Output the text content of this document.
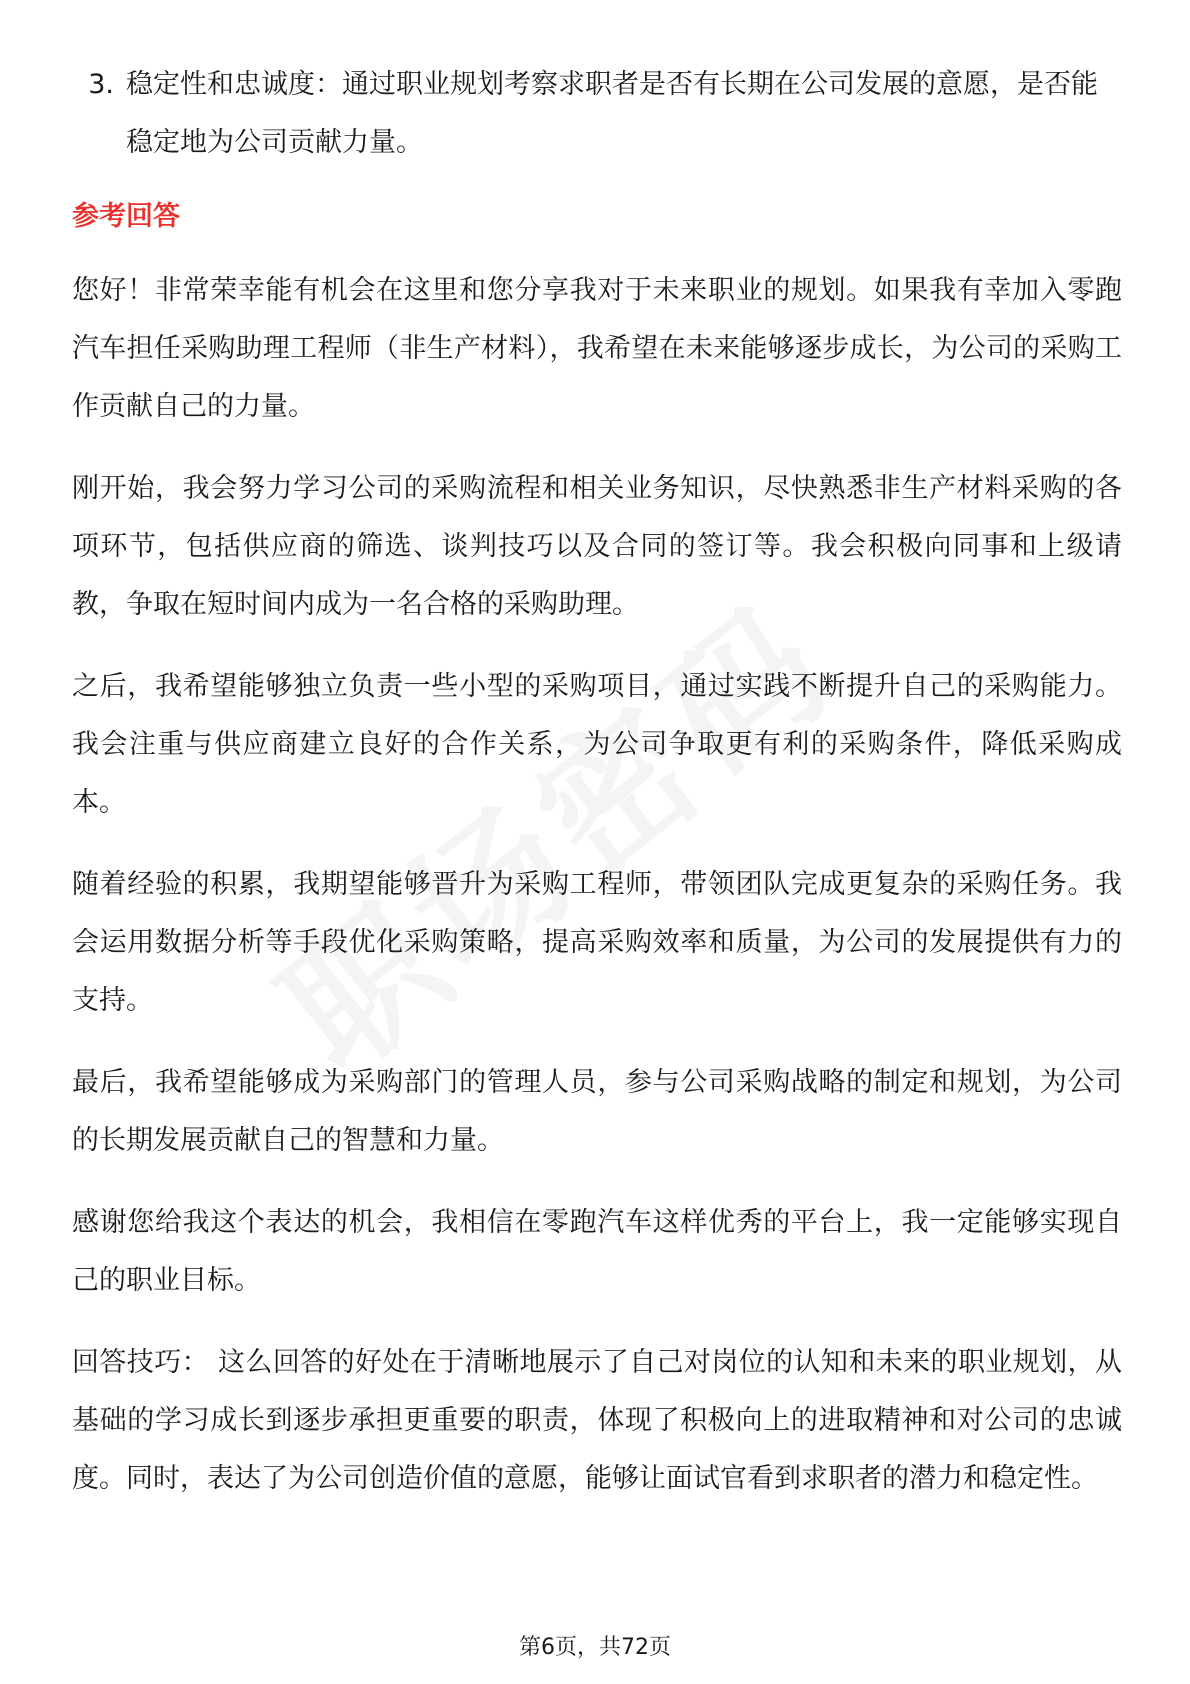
3. 稳定性和忠诚度：通过职业规划考察求职者是否有长期在公司发展的意愿，是否能稳定地为公司贡献力量。
参考回答

您好！非常荣幸能有机会在这里和您分享我对于未来职业的规划。如果我有幸加入零跑汽车担任采购助理工程师（非生产材料），我希望在未来能够逐步成长，为公司的采购工作贡献自己的力量。

刚开始，我会努力学习公司的采购流程和相关业务知识，尽快熟悉非生产材料采购的各项环节，包括供应商的筛选、谈判技巧以及合同的签订等。我会积极向同事和上级请教，争取在短时间内成为一名合格的采购助理。

之后，我希望能够独立负责一些小型的采购项目，通过实践不断提升自己的采购能力。我会注重与供应商建立良好的合作关系，为公司争取更有利的采购条件，降低采购成本。

随着经验的积累，我期望能够晋升为采购工程师，带领团队完成更复杂的采购任务。我会运用数据分析等手段优化采购策略，提高采购效率和质量，为公司的发展提供有力的支持。

最后，我希望能够成为采购部门的管理人员，参与公司采购战略的制定和规划，为公司的长期发展贡献自己的智慧和力量。

感谢您给我这个表达的机会，我相信在零跑汽车这样优秀的平台上，我一定能够实现自己的职业目标。

回答技巧： 这么回答的好处在于清晰地展示了自己对岗位的认知和未来的职业规划，从基础的学习成长到逐步承担更重要的职责，体现了积极向上的进取精神和对公司的忠诚度。同时，表达了为公司创造价值的意愿，能够让面试官看到求职者的潜力和稳定性。

第6页，共72页
